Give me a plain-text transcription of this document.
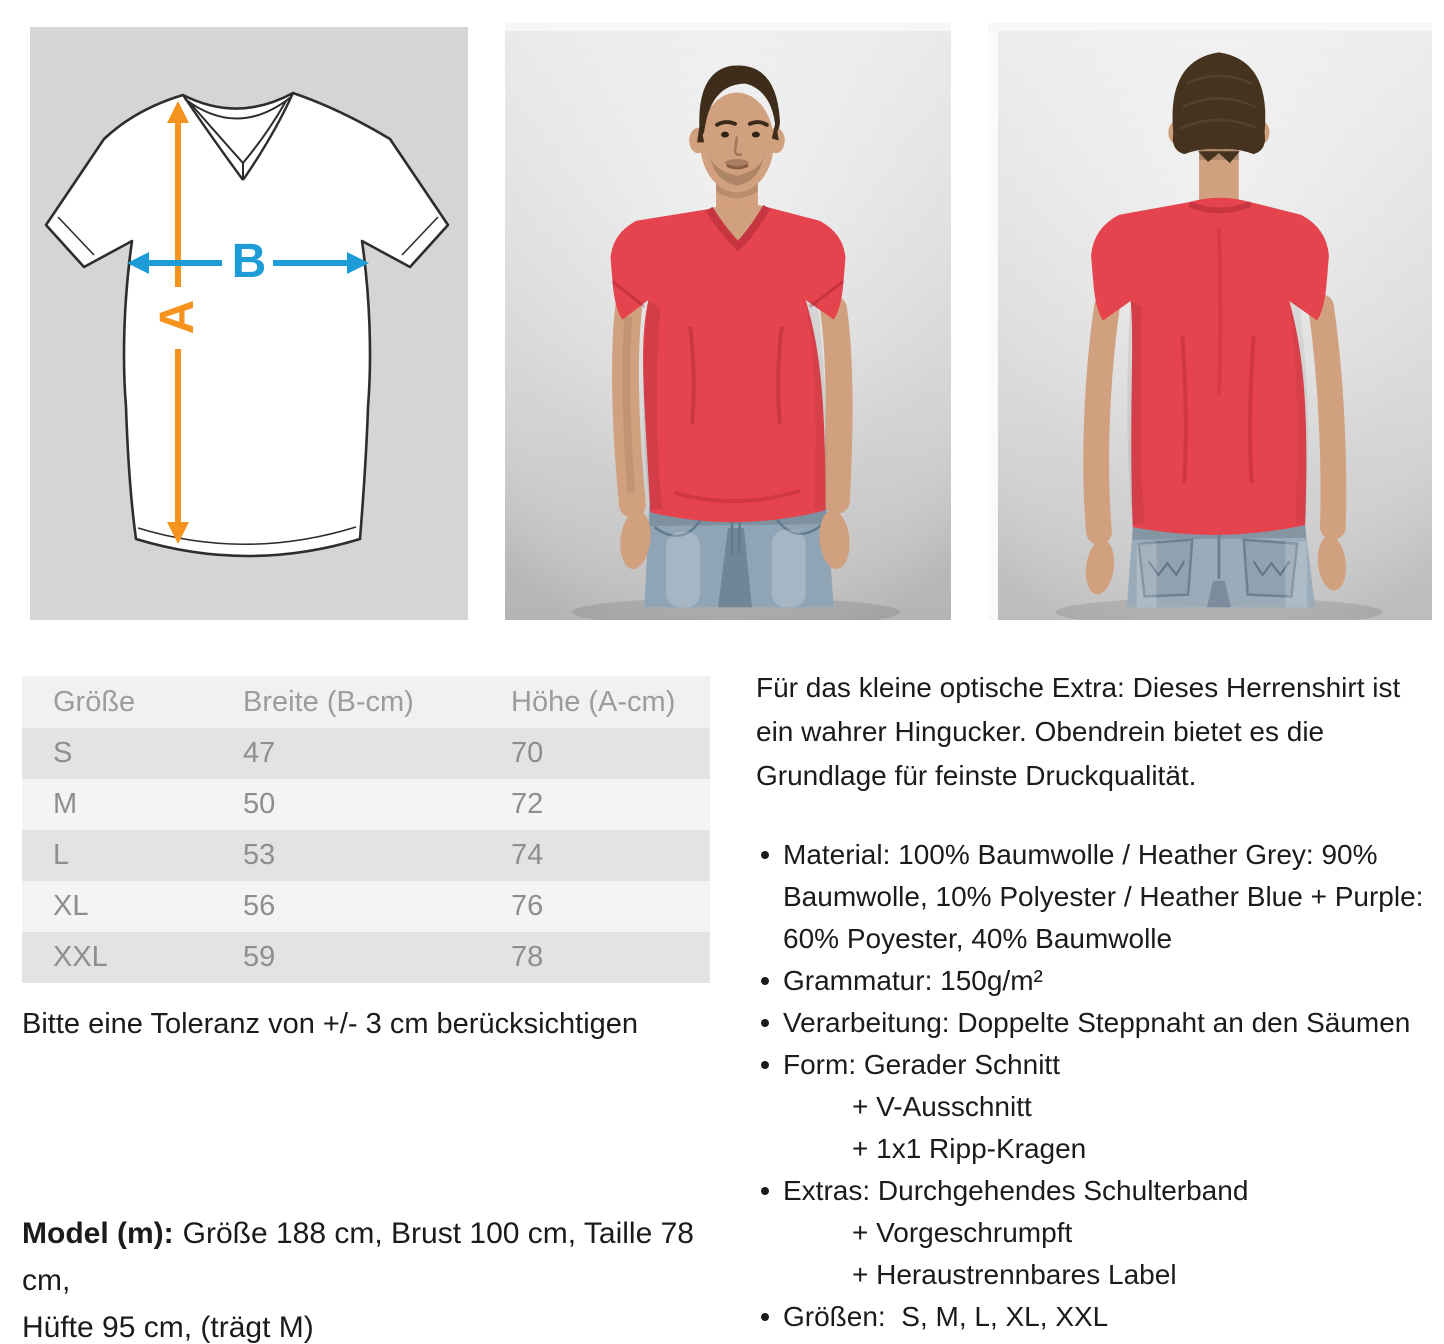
B
A
Größe	Breite (B-cm)	Höhe (A-cm)
S	47	70
M	50	72
L	53	74
XL	56	76
XXL	59	78

Bitte eine Toleranz von +/- 3 cm berücksichtigen

Model (m): Größe 188 cm, Brust 100 cm, Taille 78 cm,
Hüfte 95 cm, (trägt M)

Für das kleine optische Extra: Dieses Herrenshirt ist
ein wahrer Hingucker. Obendrein bietet es die
Grundlage für feinste Druckqualität.

Material: 100% Baumwolle / Heather Grey: 90%
Baumwolle, 10% Polyester / Heather Blue + Purple:
60% Poyester, 40% Baumwolle
Grammatur: 150g/m²
Verarbeitung: Doppelte Steppnaht an den Säumen
Form: Gerader Schnitt
+ V-Ausschnitt
+ 1x1 Ripp-Kragen
Extras: Durchgehendes Schulterband
+ Vorgeschrumpft
+ Heraustrennbares Label
Größen:  S, M, L, XL, XXL
